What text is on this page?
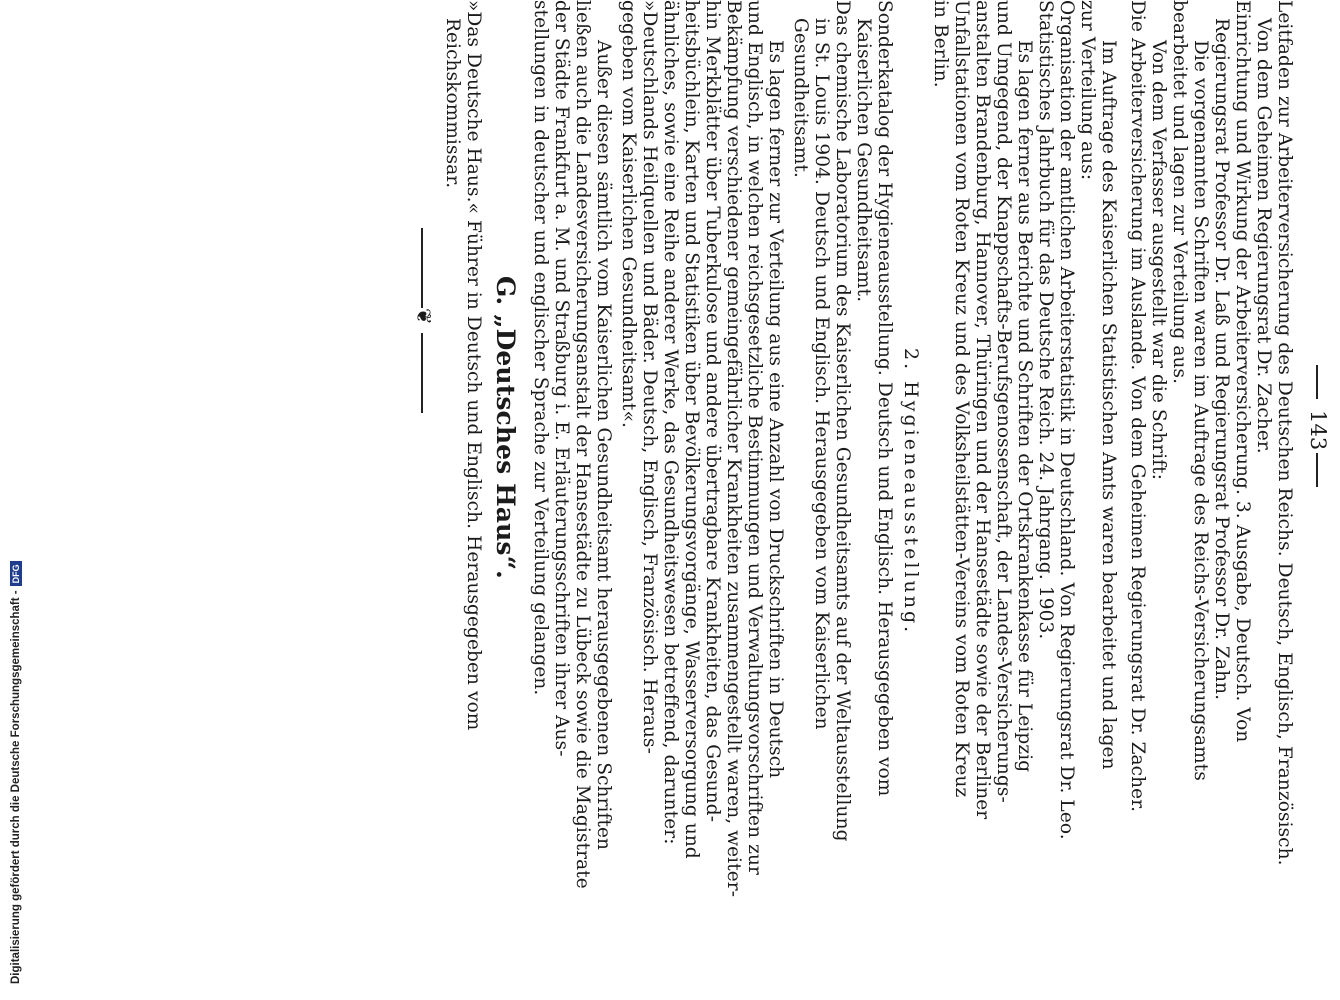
143
Leitfaden zur Arbeiterversicherung des Deutschen Reichs. Deutsch, Englisch, Französisch.
Von dem Geheimen Regierungsrat Dr. Zacher.
Einrichtung und Wirkung der Arbeiterversicherung. 3. Ausgabe, Deutsch. Von
Regierungsrat Professor Dr. Laß und Regierungsrat Professor Dr. Zahn.
Die vorgenannten Schriften waren im Auftrage des Reichs-Versicherungsamts
bearbeitet und lagen zur Verteilung aus.
Von dem Verfasser ausgestellt war die Schrift:
Die Arbeiterversicherung im Auslande. Von dem Geheimen Regierungsrat Dr. Zacher.
Im Auftrage des Kaiserlichen Statistischen Amts waren bearbeitet und lagen
zur Verteilung aus:
Organisation der amtlichen Arbeiterstatistik in Deutschland. Von Regierungsrat Dr. Leo.
Statistisches Jahrbuch für das Deutsche Reich. 24. Jahrgang. 1903.
Es lagen ferner aus Berichte und Schriften der Ortskrankenkasse für Leipzig
und Umgegend, der Knappschafts-Berufsgenossenschaft, der Landes-Versicherungs-
anstalten Brandenburg, Hannover, Thüringen und der Hansestädte sowie der Berliner
Unfallstationen vom Roten Kreuz und des Volksheilstätten-Vereins vom Roten Kreuz
in Berlin.
2. Hygieneausstellung.
Sonderkatalog der Hygieneausstellung. Deutsch und Englisch. Herausgegeben vom
Kaiserlichen Gesundheitsamt.
Das chemische Laboratorium des Kaiserlichen Gesundheitsamts auf der Weltausstellung
in St. Louis 1904. Deutsch und Englisch. Herausgegeben vom Kaiserlichen
Gesundheitsamt.
Es lagen ferner zur Verteilung aus eine Anzahl von Druckschriften in Deutsch
und Englisch, in welchen reichsgesetzliche Bestimmungen und Verwaltungsvorschriften zur
Bekämpfung verschiedener gemeingefährlicher Krankheiten zusammengestellt waren, weiter-
hin Merkblätter über Tuberkulose und andere übertragbare Krankheiten, das Gesund-
heitsbüchlein, Karten und Statistiken über Bevölkerungsvorgänge, Wasserversorgung und
ähnliches, sowie eine Reihe anderer Werke, das Gesundheitswesen betreffend, darunter:
»Deutschlands Heilquellen und Bäder. Deutsch, Englisch, Französisch. Heraus-
gegeben vom Kaiserlichen Gesundheitsamt«.
Außer diesen sämtlich vom Kaiserlichen Gesundheitsamt herausgegebenen Schriften
ließen auch die Landesversicherungsanstalt der Hansestädte zu Lübeck sowie die Magistrate
der Städte Frankfurt a. M. und Straßburg i. E. Erläuterungsschriften ihrer Aus-
stellungen in deutscher und englischer Sprache zur Verteilung gelangen.
G. „Deutsches Haus“.
»Das Deutsche Haus.« Führer in Deutsch und Englisch. Herausgegeben vom
Reichskommissar.
❦
Digitalisierung gefördert durch die Deutsche Forschungsgemeinschaft -
DFG
